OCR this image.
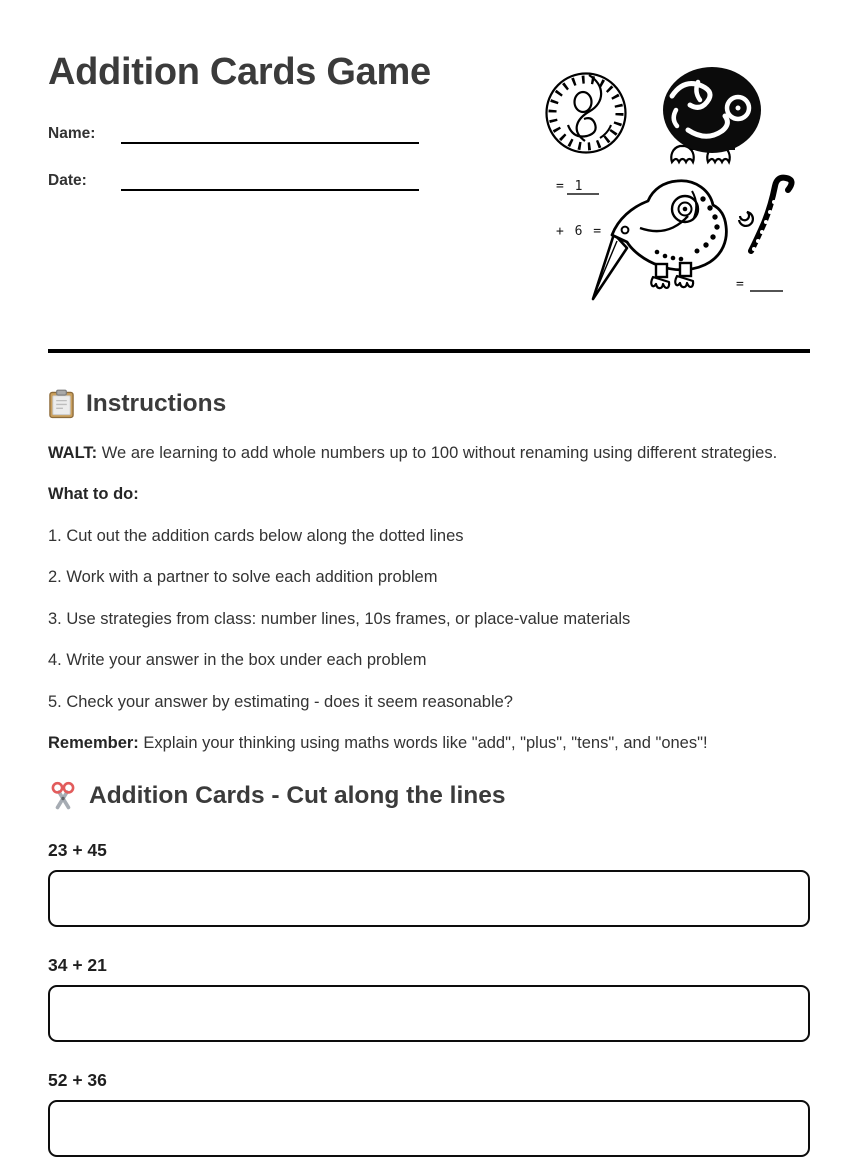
Addition Cards Game
Name:
Date:	= 1
+ 6 =
=
Instructions

WALT: We are learning to add whole numbers up to 100 without renaming using different strategies.

What to do:

1. Cut out the addition cards below along the dotted lines

2. Work with a partner to solve each addition problem

3. Use strategies from class: number lines, 10s frames, or place-value materials

4. Write your answer in the box under each problem

5. Check your answer by estimating - does it seem reasonable?

Remember: Explain your thinking using maths words like "add", "plus", "tens", and "ones"!

Addition Cards - Cut along the lines
23 + 45
34 + 21
52 + 36
